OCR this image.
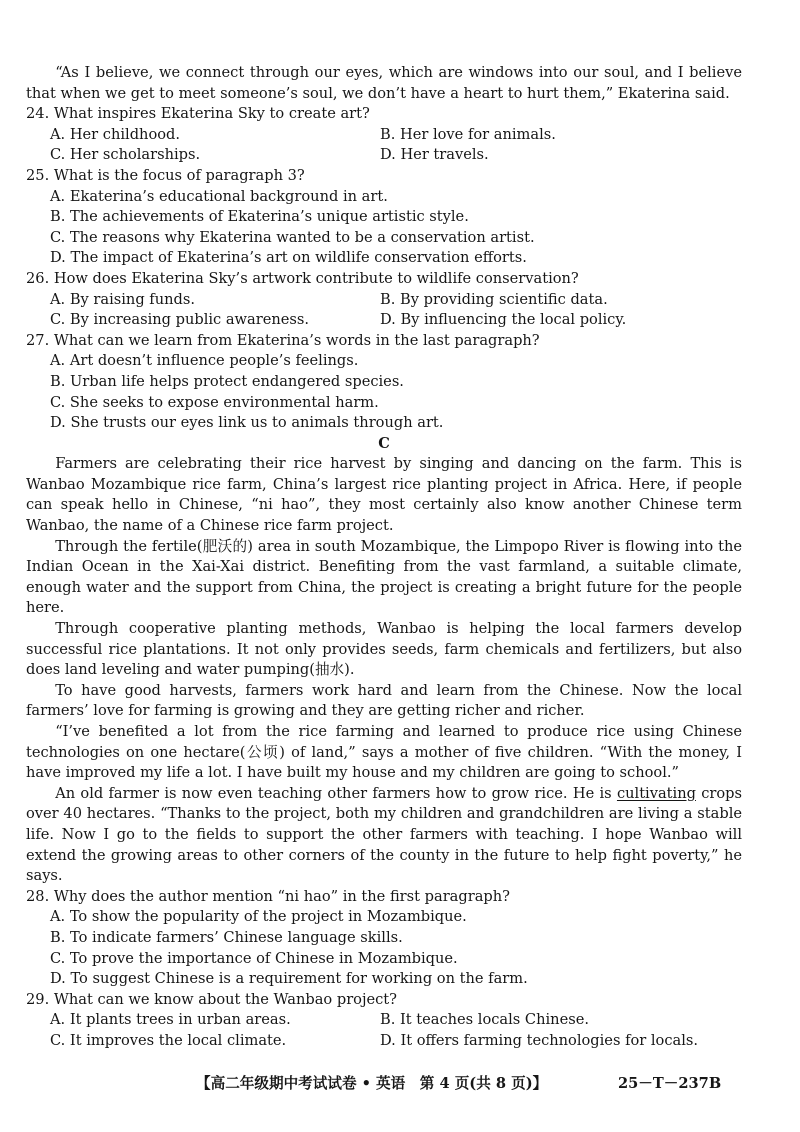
“As I believe, we connect through our eyes, which are windows into our soul, and I believe that when we get to meet someone’s soul, we don’t have a heart to hurt them,” Ekaterina said.

24. What inspires Ekaterina Sky to create art?

A. Her childhood.	B. Her love for animals.

C. Her scholarships.	D. Her travels.

25. What is the focus of paragraph 3?

A. Ekaterina’s educational background in art.

B. The achievements of Ekaterina’s unique artistic style.

C. The reasons why Ekaterina wanted to be a conservation artist.

D. The impact of Ekaterina’s art on wildlife conservation efforts.

26. How does Ekaterina Sky’s artwork contribute to wildlife conservation?

A. By raising funds.	B. By providing scientific data.

C. By increasing public awareness.	D. By influencing the local policy.

27. What can we learn from Ekaterina’s words in the last paragraph?

A. Art doesn’t influence people’s feelings.

B. Urban life helps protect endangered species.

C. She seeks to expose environmental harm.

D. She trusts our eyes link us to animals through art.

C

Farmers are celebrating their rice harvest by singing and dancing on the farm. This is Wanbao Mozambique rice farm, China’s largest rice planting project in Africa. Here, if people can speak hello in Chinese, “ni hao”, they most certainly also know another Chinese term Wanbao, the name of a Chinese rice farm project.

Through the fertile(肥沃的) area in south Mozambique, the Limpopo River is flowing into the Indian Ocean in the Xai-Xai district. Benefiting from the vast farmland, a suitable climate, enough water and the support from China, the project is creating a bright future for the people here.

Through cooperative planting methods, Wanbao is helping the local farmers develop successful rice plantations. It not only provides seeds, farm chemicals and fertilizers, but also does land leveling and water pumping(抽水).

To have good harvests, farmers work hard and learn from the Chinese. Now the local farmers’ love for farming is growing and they are getting richer and richer.

“I’ve benefited a lot from the rice farming and learned to produce rice using Chinese technologies on one hectare(公顷) of land,” says a mother of five children. “With the money, I have improved my life a lot. I have built my house and my children are going to school.”

An old farmer is now even teaching other farmers how to grow rice. He is cultivating crops over 40 hectares. “Thanks to the project, both my children and grandchildren are living a stable life. Now I go to the fields to support the other farmers with teaching. I hope Wanbao will extend the growing areas to other corners of the county in the future to help fight poverty,” he says.

28. Why does the author mention “ni hao” in the first paragraph?

A. To show the popularity of the project in Mozambique.

B. To indicate farmers’ Chinese language skills.

C. To prove the importance of Chinese in Mozambique.

D. To suggest Chinese is a requirement for working on the farm.

29. What can we know about the Wanbao project?

A. It plants trees in urban areas.	B. It teaches locals Chinese.

C. It improves the local climate.	D. It offers farming technologies for locals.

【高二年级期中考试试卷 • 英语　第 4 页(共 8 页)】	25－T－237B
